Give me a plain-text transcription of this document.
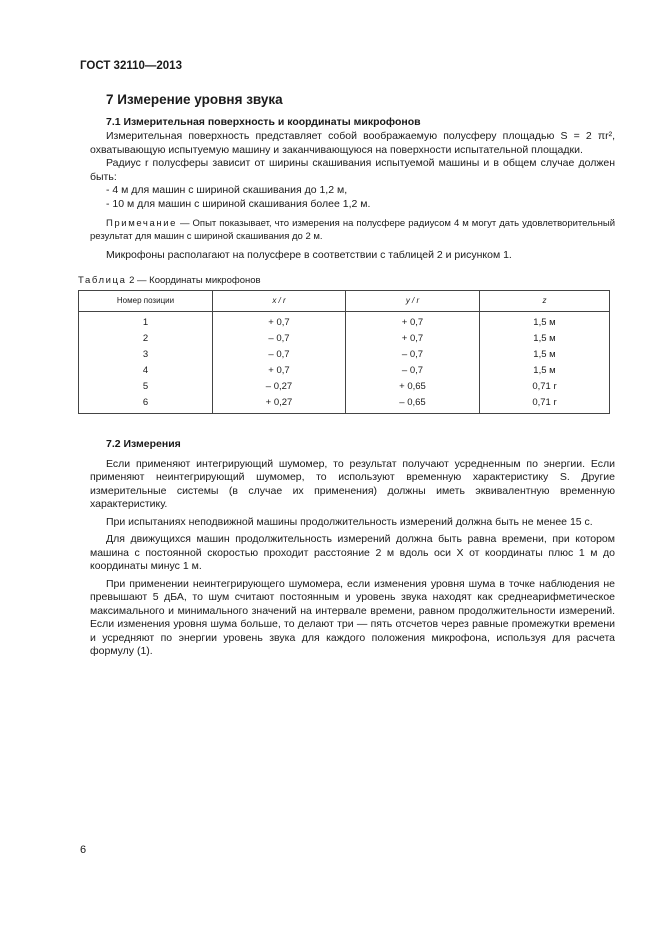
ГОСТ 32110—2013
7 Измерение уровня звука
7.1 Измерительная поверхность и координаты микрофонов

Измерительная поверхность представляет собой воображаемую полусферу площадью S = 2 πr², охватывающую испытуемую машину и заканчивающуюся на поверхности испытательной площадки.

Радиус r полусферы зависит от ширины скашивания испытуемой машины и в общем случае должен быть:

- 4 м для машин с шириной скашивания до 1,2 м,
- 10 м для машин с шириной скашивания более 1,2 м.

Примечание — Опыт показывает, что измерения на полусфере радиусом 4 м могут дать удовлетворительный результат для машин с шириной скашивания до 2 м.

Микрофоны располагают на полусфере в соответствии с таблицей 2 и рисунком 1.

Таблица 2 — Координаты микрофонов
Номер позиции	x / r	y / r	z
1	+ 0,7	+ 0,7	1,5 м
2	– 0,7	+ 0,7	1,5 м
3	– 0,7	– 0,7	1,5 м
4	+ 0,7	– 0,7	1,5 м
5	– 0,27	+ 0,65	0,71 r
6	+ 0,27	– 0,65	0,71 r
7.2 Измерения

Если применяют интегрирующий шумомер, то результат получают усредненным по энергии. Если применяют неинтегрирующий шумомер, то используют временную характеристику S. Другие измерительные системы (в случае их применения) должны иметь эквивалентную временную характеристику.

При испытаниях неподвижной машины продолжительность измерений должна быть не менее 15 с.

Для движущихся машин продолжительность измерений должна быть равна времени, при котором машина с постоянной скоростью проходит расстояние 2 м вдоль оси X от координаты плюс 1 м до координаты минус 1 м.

При применении неинтегрирующего шумомера, если изменения уровня шума в точке наблюдения не превышают 5 дБА, то шум считают постоянным и уровень звука находят как среднеарифметическое максимального и минимального значений на интервале времени, равном продолжительности измерений. Если изменения уровня шума больше, то делают три — пять отсчетов через равные промежутки времени и усредняют по энергии уровень звука для каждого положения микрофона, используя для расчета формулу (1).

6
